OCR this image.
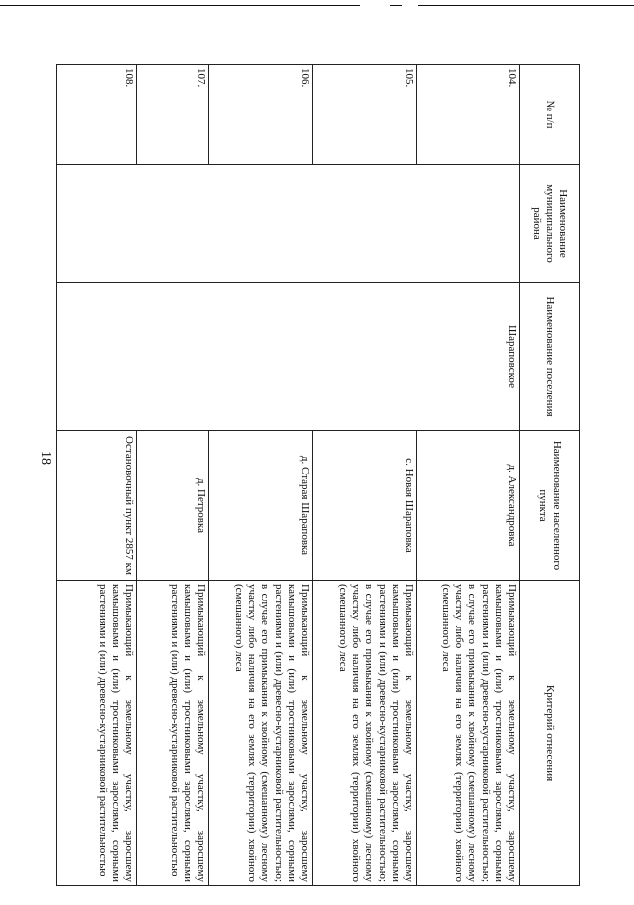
18
№ п/п	Наименование муниципального района	Наименование поселения	Наименование населенного пункта	Критерий отнесения
104.		Шараповское	д. Александровка	Примыкающий к земельному участку, заросшему камышовыми и (или) тростниковыми зарослями, сорными растениями и (или) древесно-кустарниковой растительностью; в случае его примыкания к хвойному (смешанному) лесному участку либо наличия на его землях (территории) хвойного (смешанного) леса
105.			с. Новая Шараповка	Примыкающий к земельному участку, заросшему камышовыми и (или) тростниковыми зарослями, сорными растениями и (или) древесно-кустарниковой растительностью; в случае его примыкания к хвойному (смешанному) лесному участку либо наличия на его землях (территории) хвойного (смешанного) леса
106.			д. Старая Шараповка	Примыкающий к земельному участку, заросшему камышовыми и (или) тростниковыми зарослями, сорными растениями и (или) древесно-кустарниковой растительностью; в случае его примыкания к хвойному (смешанному) лесному участку либо наличия на его землях (территории) хвойного (смешанного) леса
107.			д. Петровка	Примыкающий к земельному участку, заросшему камышовыми и (или) тростниковыми зарослями, сорными растениями и (или) древесно-кустарниковой растительностью
108.			Остановочный пункт 2857 км	Примыкающий к земельному участку, заросшему камышовыми и (или) тростниковыми зарослями, сорными растениями и (или) древесно-кустарниковой растительностью
